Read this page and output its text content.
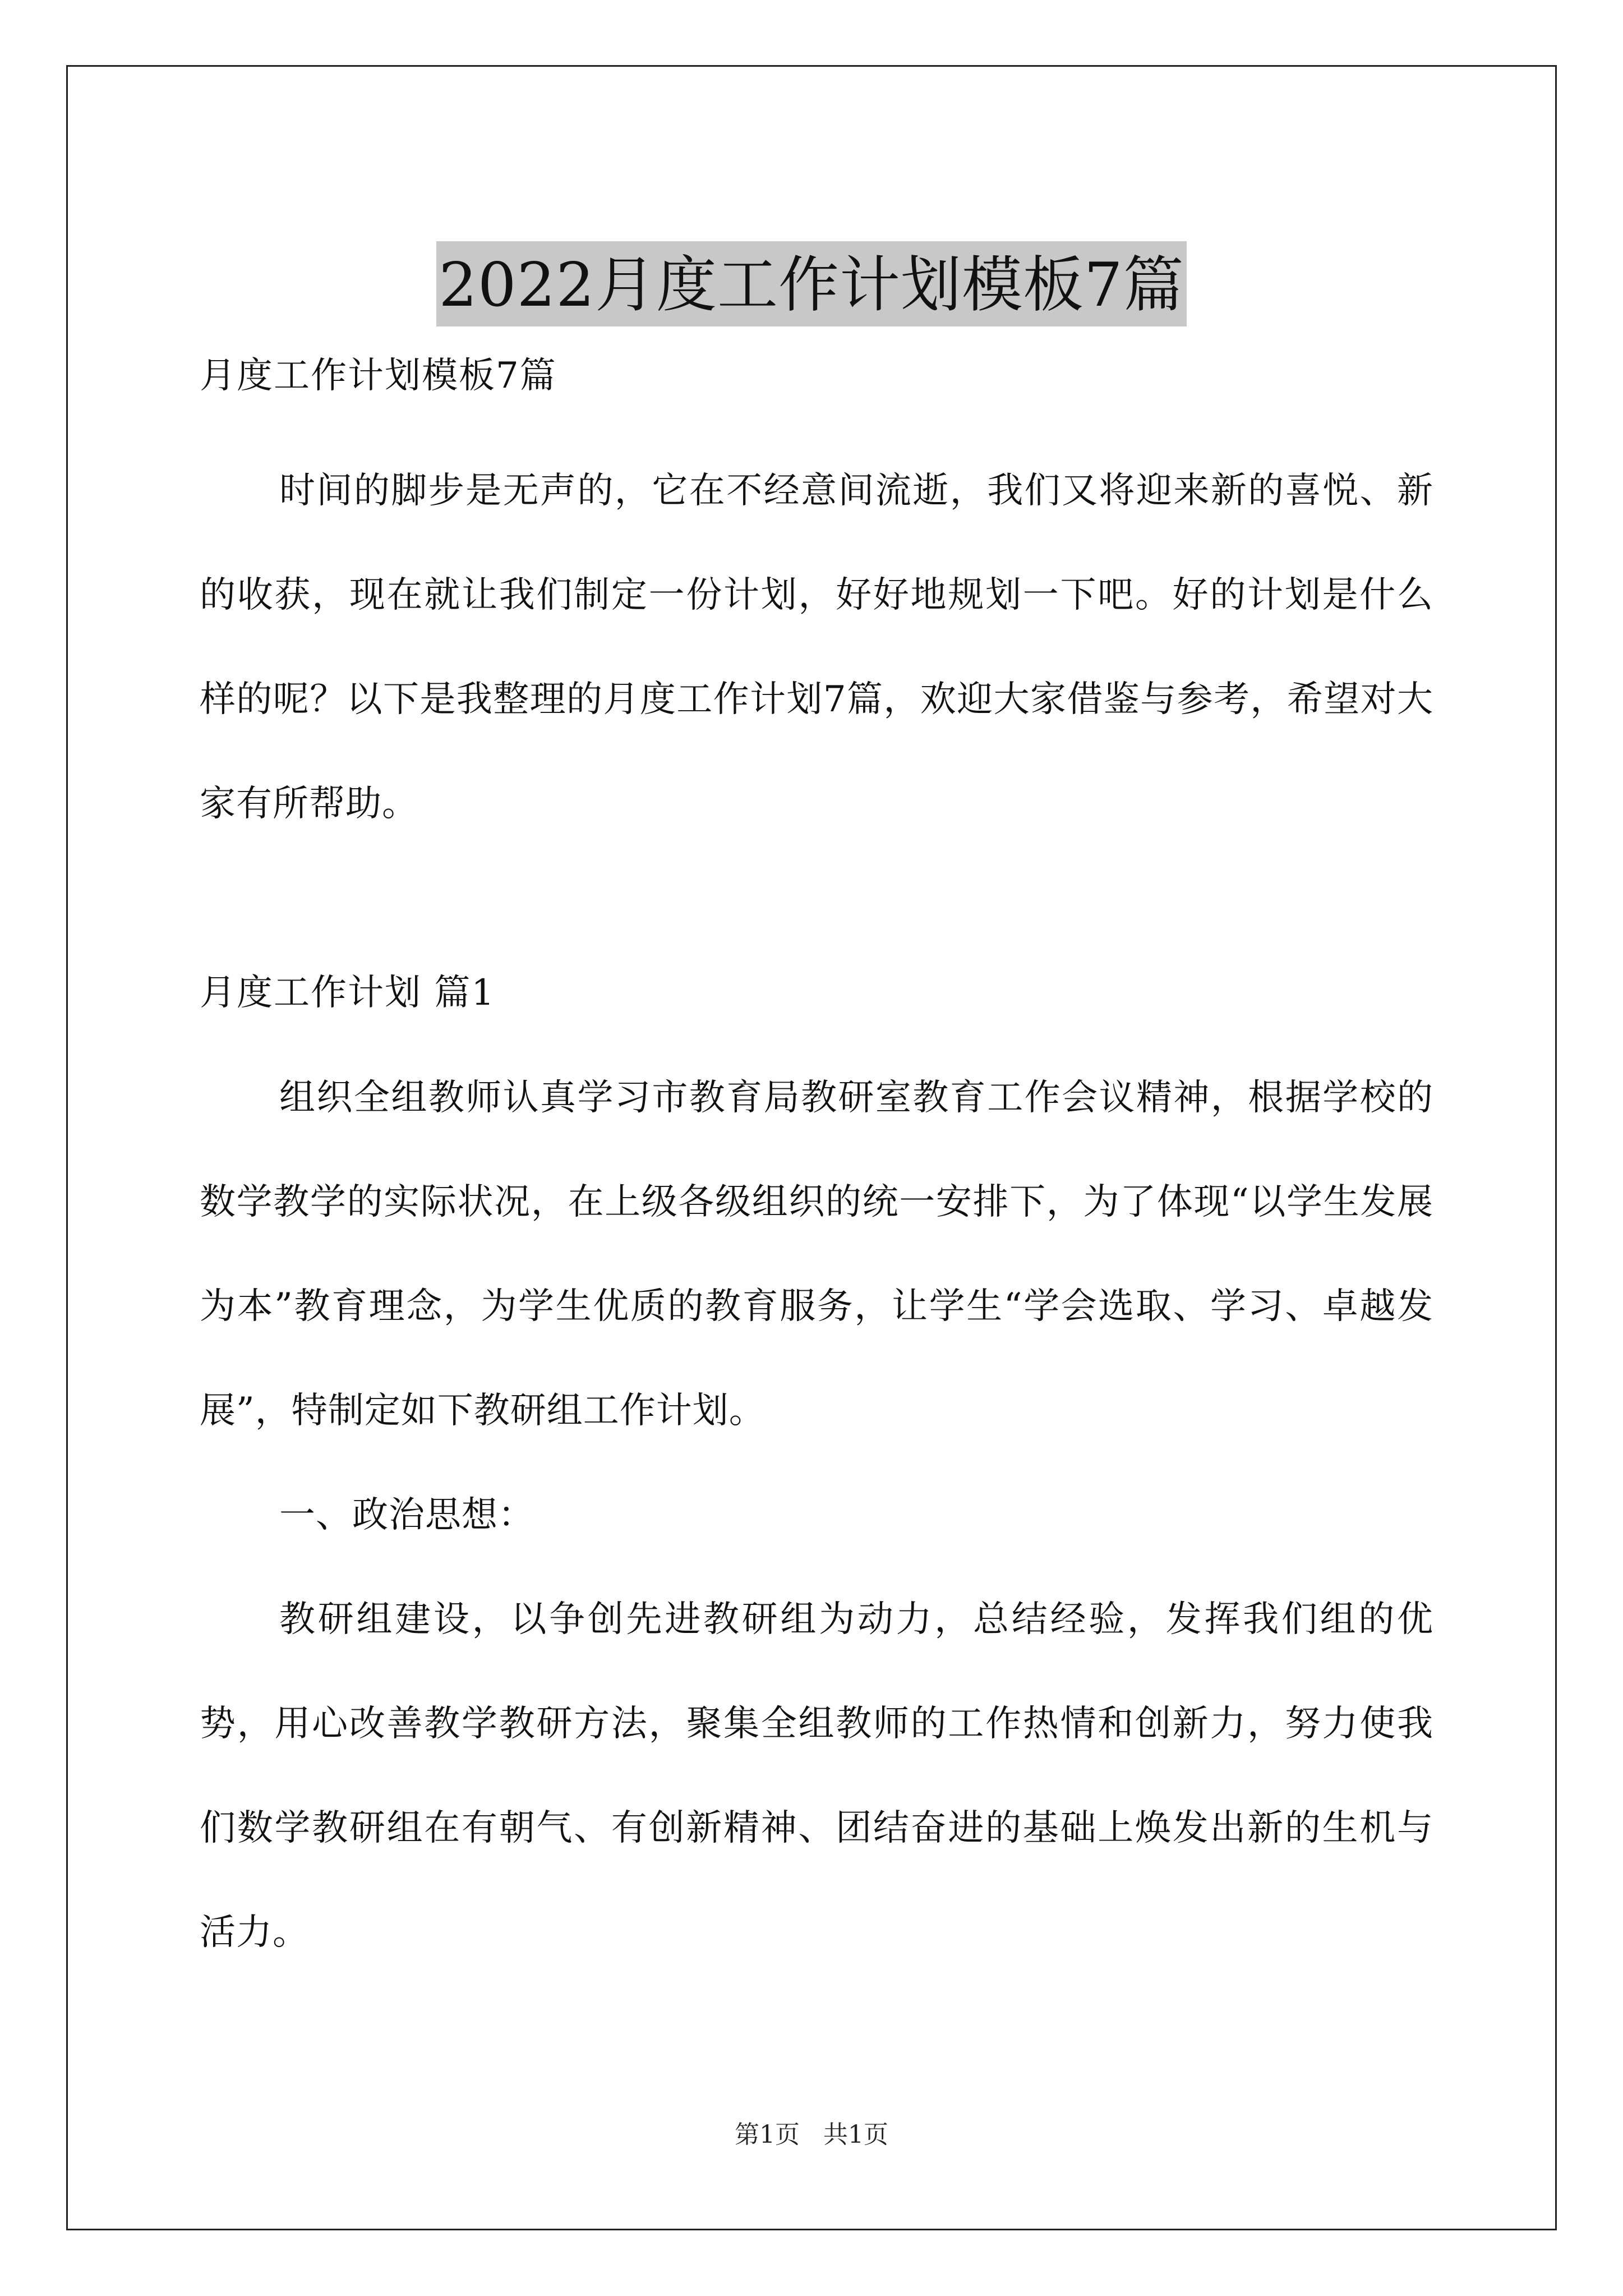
2022月度工作计划模板7篇

月度工作计划模板7篇

时间的脚步是无声的，它在不经意间流逝，我们又将迎来新的喜悦、新的收获，现在就让我们制定一份计划，好好地规划一下吧。好的计划是什么样的呢？以下是我整理的月度工作计划7篇，欢迎大家借鉴与参考，希望对大家有所帮助。

月度工作计划 篇1

组织全组教师认真学习市教育局教研室教育工作会议精神，根据学校的数学教学的实际状况，在上级各级组织的统一安排下，为了体现“以学生发展为本”教育理念，为学生优质的教育服务，让学生“学会选取、学习、卓越发展”，特制定如下教研组工作计划。

一、政治思想：

教研组建设，以争创先进教研组为动力，总结经验，发挥我们组的优势，用心改善教学教研方法，聚集全组教师的工作热情和创新力，努力使我们数学教研组在有朝气、有创新精神、团结奋进的基础上焕发出新的生机与活力。

第1页 共1页
